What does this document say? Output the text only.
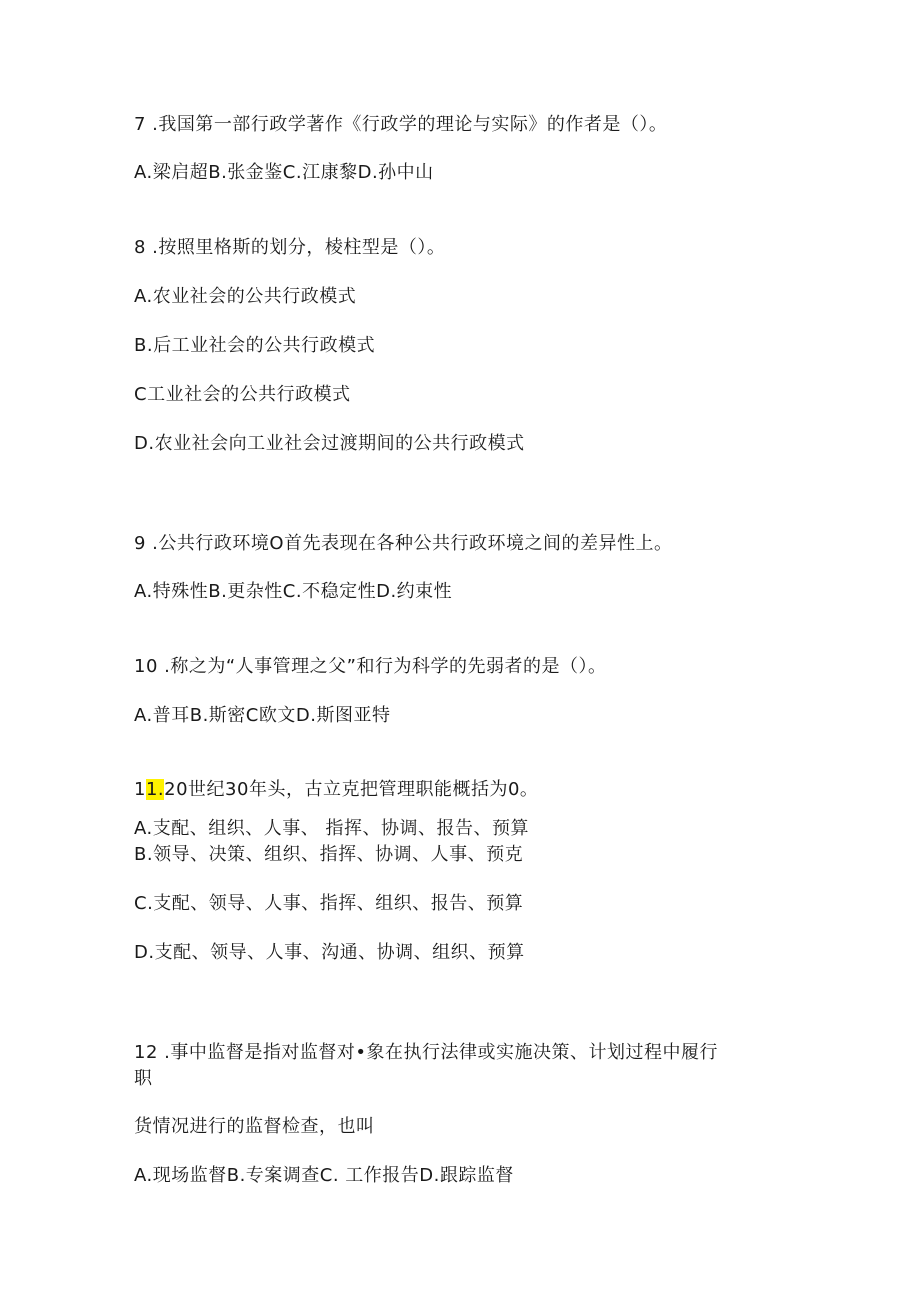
7 .我国第一部行政学著作《行政学的理论与实际》的作者是（）。
A.梁启超B.张金鉴C.江康黎D.孙中山
8 .按照里格斯的划分，棱柱型是（）。
A.农业社会的公共行政模式
B.后工业社会的公共行政模式
C工业社会的公共行政模式
D.农业社会向工业社会过渡期间的公共行政模式
9 .公共行政环境O首先表现在各种公共行政环境之间的差异性上。
A.特殊性B.更杂性C.不稳定性D.约束性
10 .称之为“人事管理之父”和行为科学的先弱者的是（）。
A.普耳B.斯密C欧文D.斯图亚特
11.20世纪30年头，古立克把管理职能概括为0。
A.支配、组织、人事、 指挥、协调、报告、预算
B.领导、决策、组织、指挥、协调、人事、预克
C.支配、领导、人事、指挥、组织、报告、预算
D.支配、领导、人事、沟通、协调、组织、预算
12 .事中监督是指对监督对•象在执行法律或实施决策、计划过程中履行
职
货情况进行的监督检查，也叫
A.现场监督B.专案调查C. 工作报告D.跟踪监督
